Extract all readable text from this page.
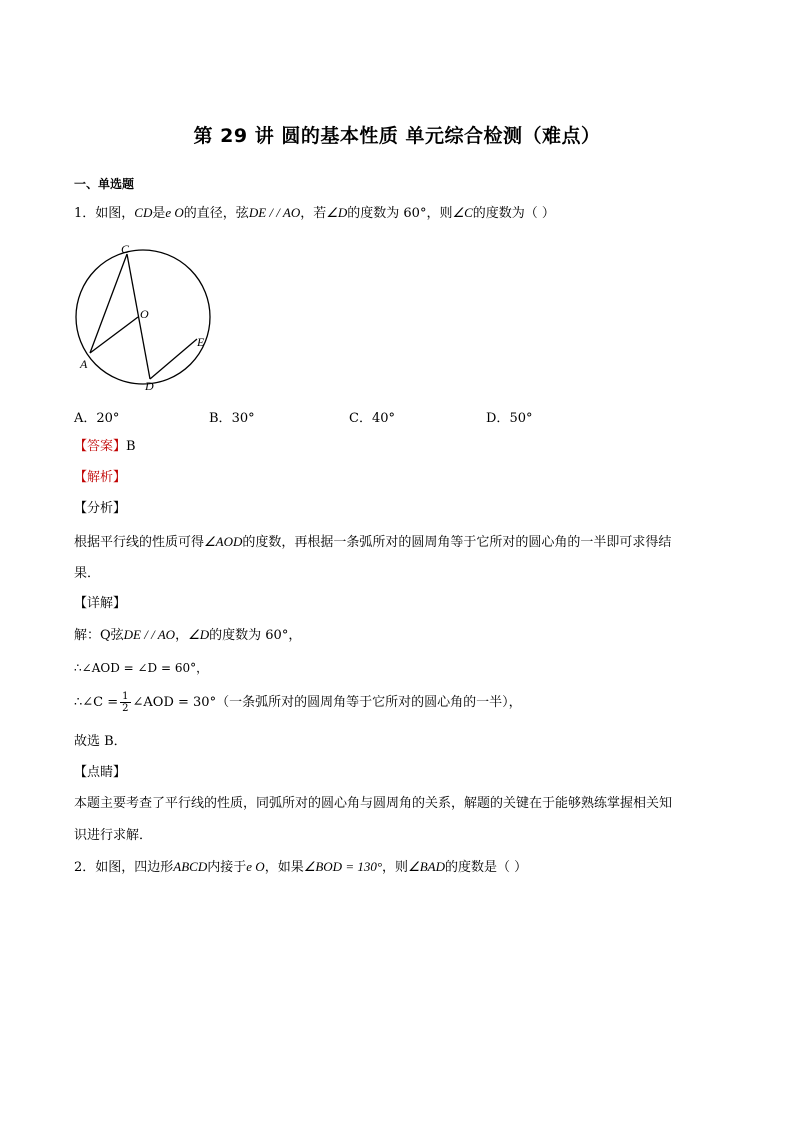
第 29 讲 圆的基本性质 单元综合检测（难点）
一、单选题
1．如图，CD是e O的直径，弦DE / / AO，若∠D的度数为 60°，则∠C的度数为（ ）
C
O
E
A
D
A．20°	B．30°	C．40°	D．50°
【答案】B
【解析】
【分析】
根据平行线的性质可得∠AOD的度数，再根据一条弧所对的圆周角等于它所对的圆心角的一半即可求得结
果．
【详解】
解：Q弦DE / / AO，∠D的度数为 60°，
∴∠AOD = ∠D = 60°，
∴∠C = $\frac{1}{2}$ ∠AOD = 30°（一条弧所对的圆周角等于它所对的圆心角的一半），
故选 B．
【点睛】
本题主要考查了平行线的性质，同弧所对的圆心角与圆周角的关系，解题的关键在于能够熟练掌握相关知
识进行求解．
2．如图，四边形ABCD内接于e O，如果∠BOD = 130°，则∠BAD的度数是（ ）
